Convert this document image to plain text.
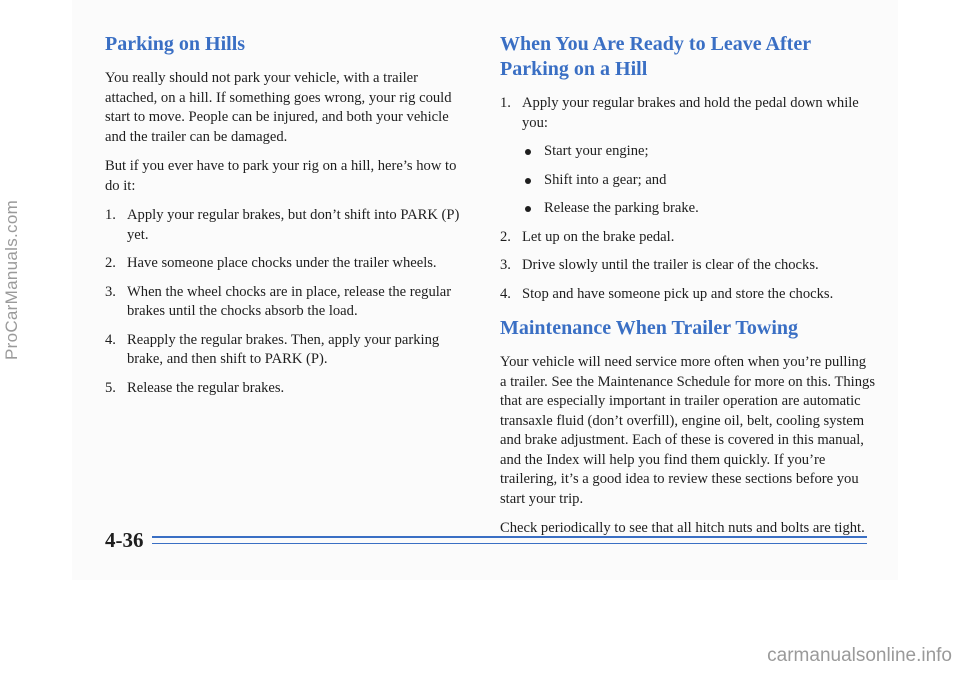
Parking on Hills

You really should not park your vehicle, with a trailer attached, on a hill. If something goes wrong, your rig could start to move. People can be injured, and both your vehicle and the trailer can be damaged.

But if you ever have to park your rig on a hill, here’s how to do it:

1. Apply your regular brakes, but don’t shift into PARK (P) yet.
2. Have someone place chocks under the trailer wheels.
3. When the wheel chocks are in place, release the regular brakes until the chocks absorb the load.
4. Reapply the regular brakes. Then, apply your parking brake, and then shift to PARK (P).
5. Release the regular brakes.
When You Are Ready to Leave After Parking on a Hill
1. Apply your regular brakes and hold the pedal down while you:
Start your engine;
Shift into a gear; and
Release the parking brake.
2. Let up on the brake pedal.
3. Drive slowly until the trailer is clear of the chocks.
4. Stop and have someone pick up and store the chocks.
Maintenance When Trailer Towing

Your vehicle will need service more often when you’re pulling a trailer. See the Maintenance Schedule for more on this. Things that are especially important in trailer operation are automatic transaxle fluid (don’t overfill), engine oil, belt, cooling system and brake adjustment. Each of these is covered in this manual, and the Index will help you find them quickly. If you’re trailering, it’s a good idea to review these sections before you start your trip.

Check periodically to see that all hitch nuts and bolts are tight.

4-36
ProCarManuals.com
carmanualsonline.info
